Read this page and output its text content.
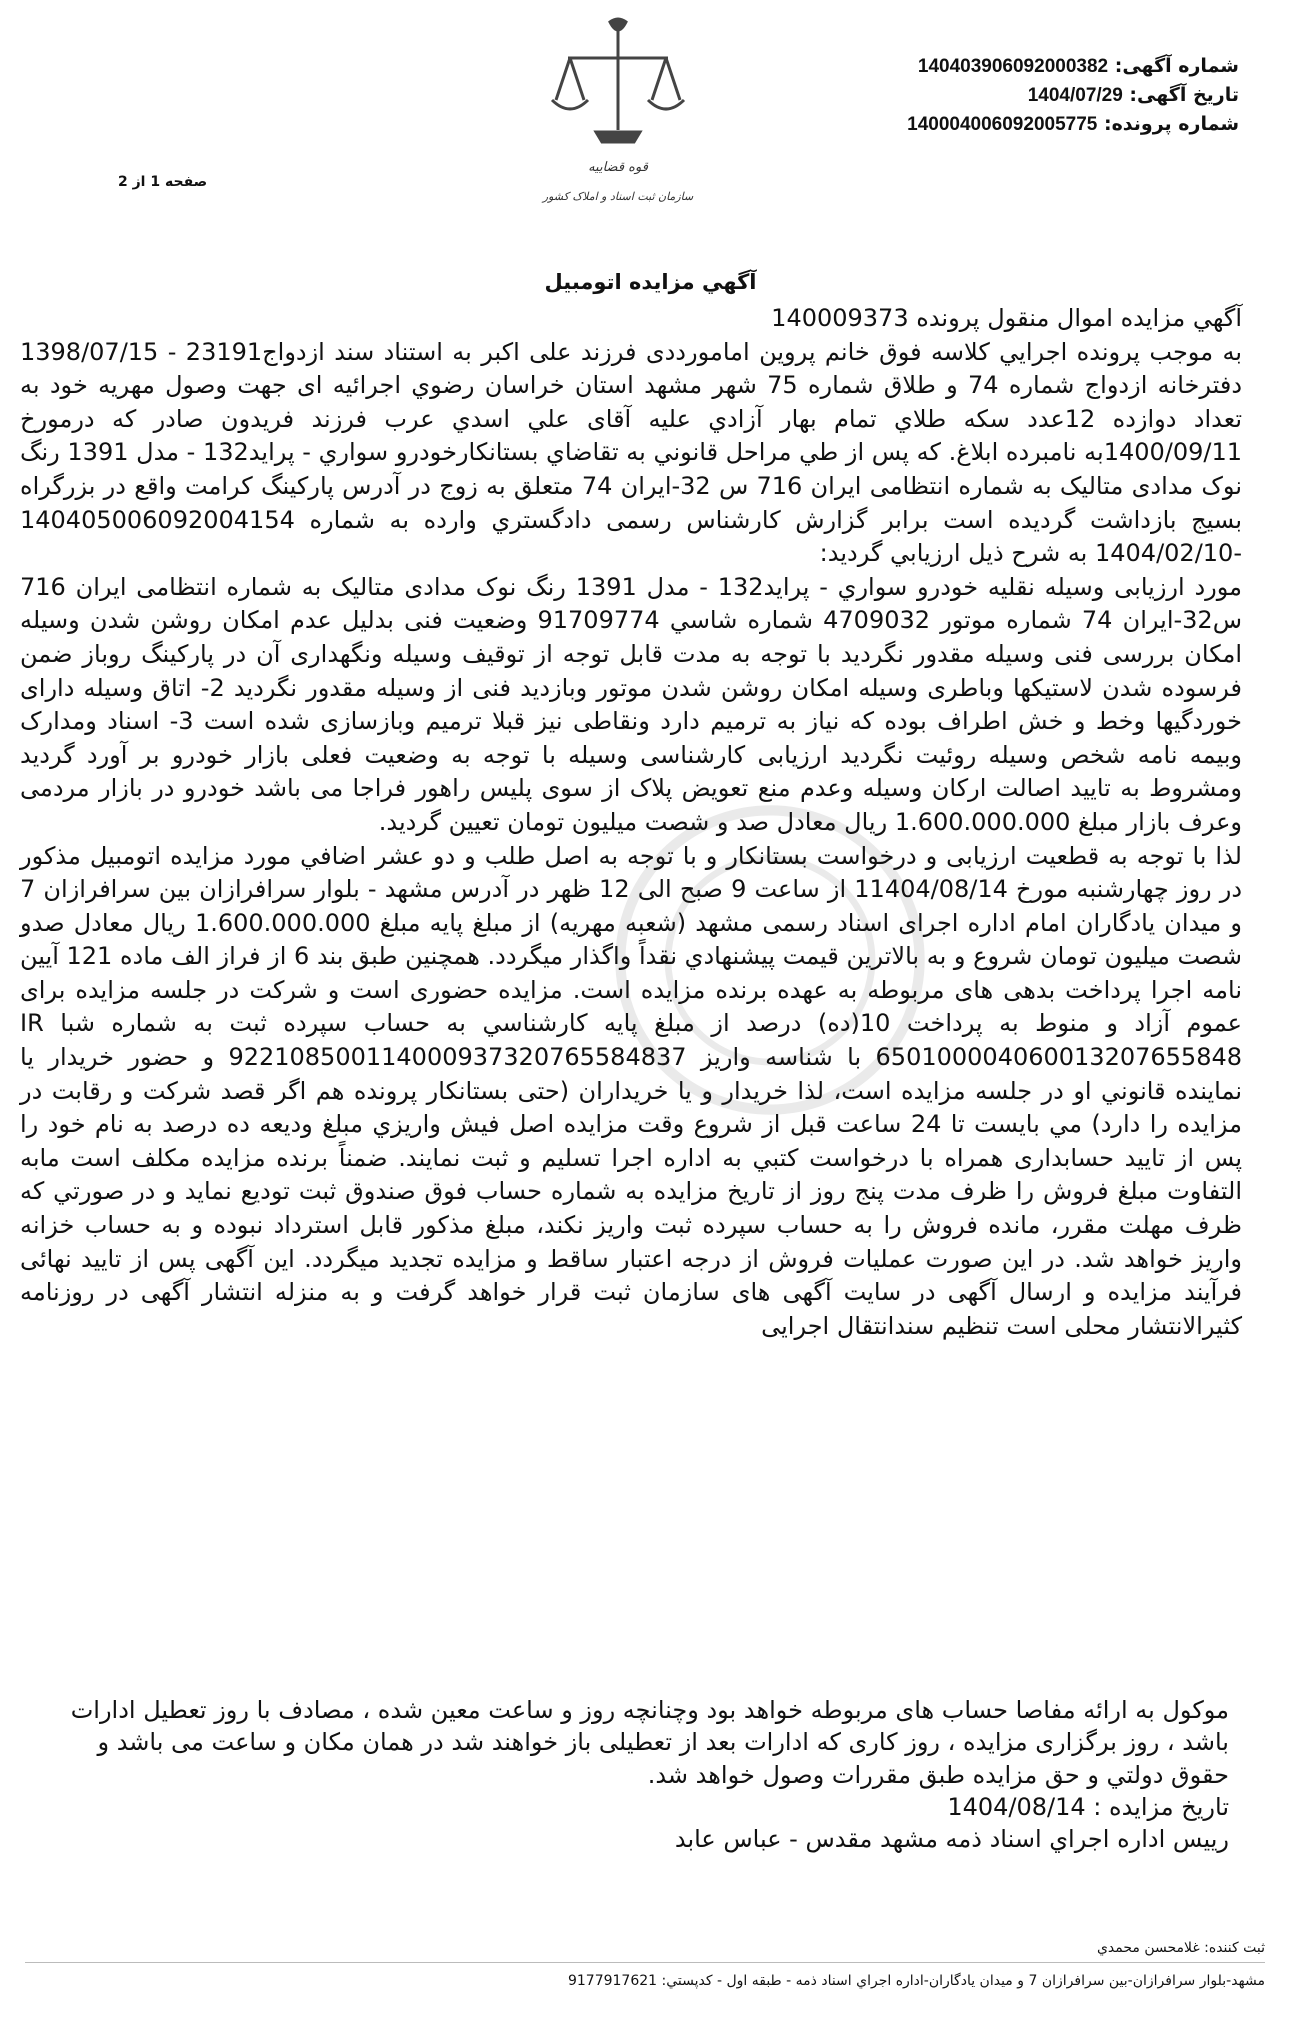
شماره آگهی: 140403906092000382
تاریخ آگهی: 1404/07/29
شماره پرونده: 140004006092005775
قوه قضاییه
سازمان ثبت اسناد و املاک کشور
صفحه 1 از 2
آگهي مزايده اتومبيل
آگهي مزايده اموال منقول پرونده 140009373
به موجب پرونده اجرايي کلاسه فوق خانم پروين امامورددی فرزند على اکبر به استناد سند ازدواج23191 - 1398/07/15 دفترخانه ازدواج شماره 74 و طلاق شماره 75 شهر مشهد استان خراسان رضوي اجرائيه ای جهت وصول مهريه خود به تعداد دوازده 12عدد سکه طلاي تمام بهار آزادي عليه آقای علي اسدي عرب فرزند فريدون صادر که درمورخ 1400/09/11به نامبرده ابلاغ. که پس از طي مراحل قانوني به تقاضاي بستانکارخودرو سواري - پرايد132 - مدل 1391 رنگ نوک مدادی متاليک به شماره انتظامی ايران 716 س 32-ايران 74 متعلق به زوج در آدرس پارکينگ کرامت واقع در بزرگراه بسيج بازداشت گرديده است برابر گزارش کارشناس رسمی دادگستري وارده به شماره 140405006092004154 -1404/02/10 به شرح ذيل ارزيابي گرديد:
مورد ارزيابی وسيله نقليه خودرو سواري - پرايد132 - مدل 1391 رنگ نوک مدادی متاليک به شماره انتظامی ايران 716 س32-ايران 74 شماره موتور 4709032 شماره شاسي 91709774 وضعيت فنی بدليل عدم امکان روشن شدن وسيله امکان بررسی فنی وسيله مقدور نگرديد با توجه به مدت قابل توجه از توقيف وسيله ونگهداری آن در پارکينگ روباز ضمن فرسوده شدن لاستيکها وباطری وسيله امکان روشن شدن موتور وبازديد فنی از وسيله مقدور نگرديد 2- اتاق وسيله دارای خوردگيها وخط و خش اطراف بوده که نياز به ترميم دارد ونقاطی نيز قبلا ترميم وبازسازی شده است 3- اسناد ومدارک وبيمه نامه شخص وسيله روئيت نگرديد ارزيابی کارشناسی وسيله با توجه به وضعيت فعلی بازار خودرو بر آورد گرديد ومشروط به تاييد اصالت ارکان وسيله وعدم منع تعويض پلاک از سوی پليس راهور فراجا می باشد خودرو در بازار مردمی وعرف بازار مبلغ 1.600.000.000 ريال معادل صد و شصت ميليون تومان تعيين گرديد.
لذا با توجه به قطعيت ارزيابی و درخواست بستانکار و با توجه به اصل طلب و دو عشر اضافي مورد مزايده اتومبيل مذکور در روز چهارشنبه مورخ 11404/08/14 از ساعت 9 صبح الی 12 ظهر در آدرس مشهد - بلوار سرافرازان بين سرافرازان 7 و ميدان يادگاران امام اداره اجرای اسناد رسمی مشهد (شعبه مهريه) از مبلغ پايه مبلغ 1.600.000.000 ريال معادل صدو شصت ميليون تومان شروع و به بالاترين قيمت پيشنهادي نقداً واگذار ميگردد. همچنين طبق بند 6 از فراز الف ماده 121 آيين نامه اجرا پرداخت بدهی های مربوطه به عهده برنده مزايده است. مزايده حضوری است و شرکت در جلسه مزايده برای عموم آزاد و منوط به پرداخت 10(ده) درصد از مبلغ پايه کارشناسي به حساب سپرده ثبت به شماره شبا IR 650100004060013207655848 با شناسه واريز 922108500114000937320765584837 و حضور خريدار يا نماينده قانوني او در جلسه مزايده است، لذا خريدار و يا خريداران (حتی بستانکار پرونده هم اگر قصد شرکت و رقابت در مزايده را دارد) مي بايست تا 24 ساعت قبل از شروع وقت مزايده اصل فيش واريزي مبلغ وديعه ده درصد به نام خود را پس از تاييد حسابداری همراه با درخواست کتبي به اداره اجرا تسليم و ثبت نمايند. ضمناً برنده مزايده مکلف است مابه التفاوت مبلغ فروش را ظرف مدت پنج روز از تاريخ مزايده به شماره حساب فوق صندوق ثبت توديع نمايد و در صورتي که ظرف مهلت مقرر، مانده فروش را به حساب سپرده ثبت واريز نکند، مبلغ مذکور قابل استرداد نبوده و به حساب خزانه واريز خواهد شد. در اين صورت عمليات فروش از درجه اعتبار ساقط و مزايده تجديد ميگردد. اين آگهی پس از تاييد نهائی فرآيند مزايده و ارسال آگهی در سايت آگهی های سازمان ثبت قرار خواهد گرفت و به منزله انتشار آگهی در روزنامه کثيرالانتشار محلی است تنظيم سندانتقال اجرايی
موکول به ارائه مفاصا حساب های مربوطه خواهد بود وچنانچه روز و ساعت معين شده ، مصادف با روز تعطيل ادارات باشد ، روز برگزاری مزايده ، روز کاری که ادارات بعد از تعطيلی باز خواهند شد در همان مکان و ساعت می باشد و حقوق دولتي و حق مزايده طبق مقررات وصول خواهد شد.
تاريخ مزايده : 1404/08/14
رييس اداره اجراي اسناد ذمه مشهد مقدس - عباس عابد
ثبت کننده: غلامحسن محمدي
مشهد-بلوار سرافرازان-بين سرافرازان 7 و ميدان يادگاران-اداره اجراي اسناد ذمه - طبقه اول - کدپستي: 9177917621
